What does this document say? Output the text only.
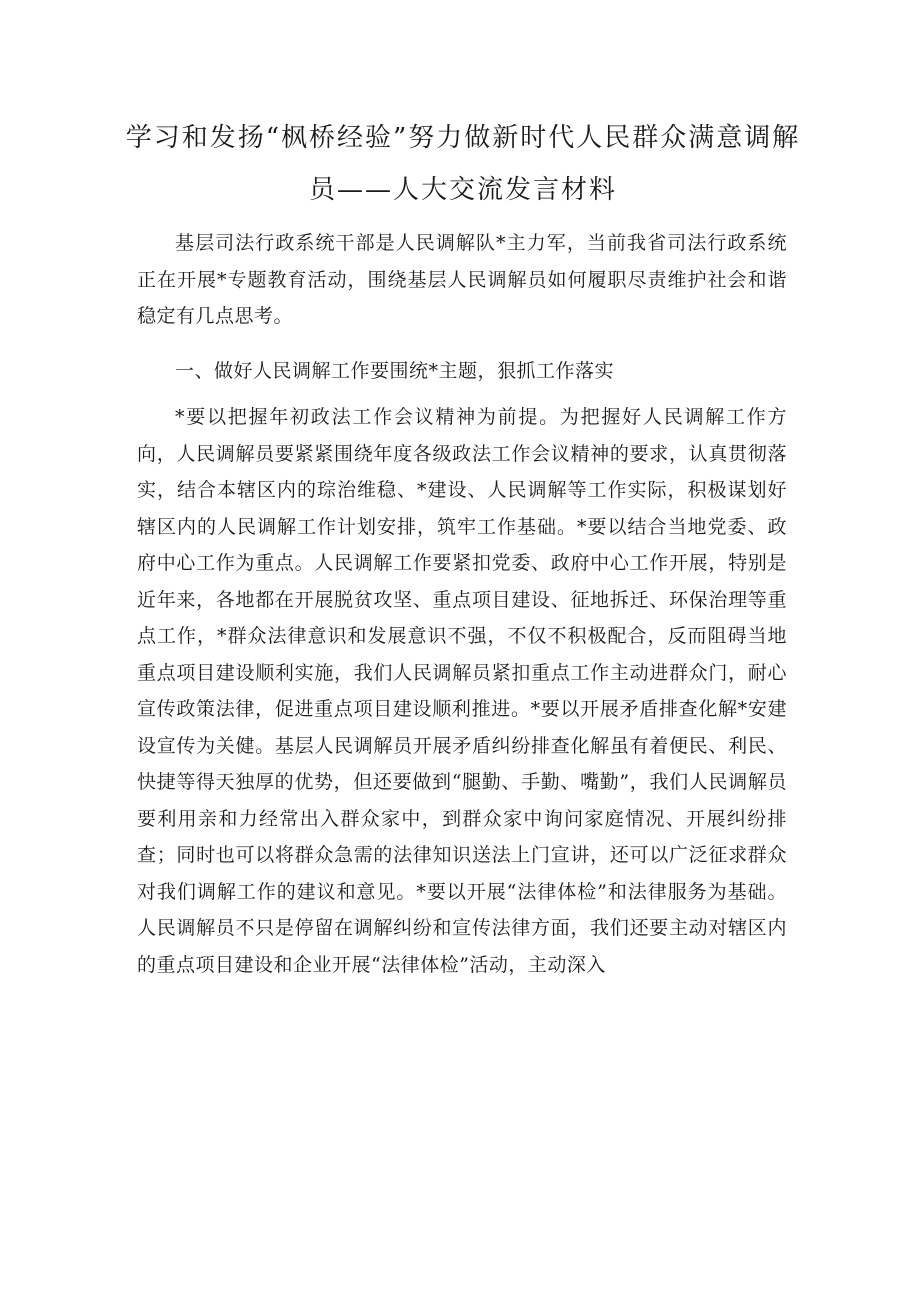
学习和发扬“枫桥经验”努力做新时代人民群众满意调解
员——人大交流发言材料

基层司法行政系统干部是人民调解队*主力军，当前我省司法行政系统正在开展*专题教育活动，围绕基层人民调解员如何履职尽责维护社会和谐稳定有几点思考。

一、做好人民调解工作要围统*主题，狠抓工作落实

*要以把握年初政法工作会议精神为前提。为把握好人民调解工作方向，人民调解员要紧紧围绕年度各级政法工作会议精神的要求，认真贯彻落实，结合本辖区内的琮治维稳、*建设、人民调解等工作实际，积极谋划好辖区内的人民调解工作计划安排，筑牢工作基础。*要以结合当地党委、政府中心工作为重点。人民调解工作要紧扣党委、政府中心工作开展，特别是近年来，各地都在开展脱贫攻坚、重点项目建设、征地拆迁、环保治理等重点工作，*群众法律意识和发展意识不强，不仅不积极配合，反而阻碍当地重点项目建设顺利实施，我们人民调解员紧扣重点工作主动进群众门，耐心宣传政策法律，促进重点项目建设顺利推进。*要以开展矛盾排查化解*安建设宣传为关健。基层人民调解员开展矛盾纠纷排查化解虽有着便民、利民、快捷等得天独厚的优势，但还要做到“腿勤、手勤、嘴勤”，我们人民调解员要利用亲和力经常出入群众家中，到群众家中询问家庭情况、开展纠纷排查；同时也可以将群众急需的法律知识送法上门宣讲，还可以广泛征求群众对我们调解工作的建议和意见。*要以开展“法律体检”和法律服务为基础。人民调解员不只是停留在调解纠纷和宣传法律方面，我们还要主动对辖区内的重点项目建设和企业开展“法律体检”活动，主动深入
